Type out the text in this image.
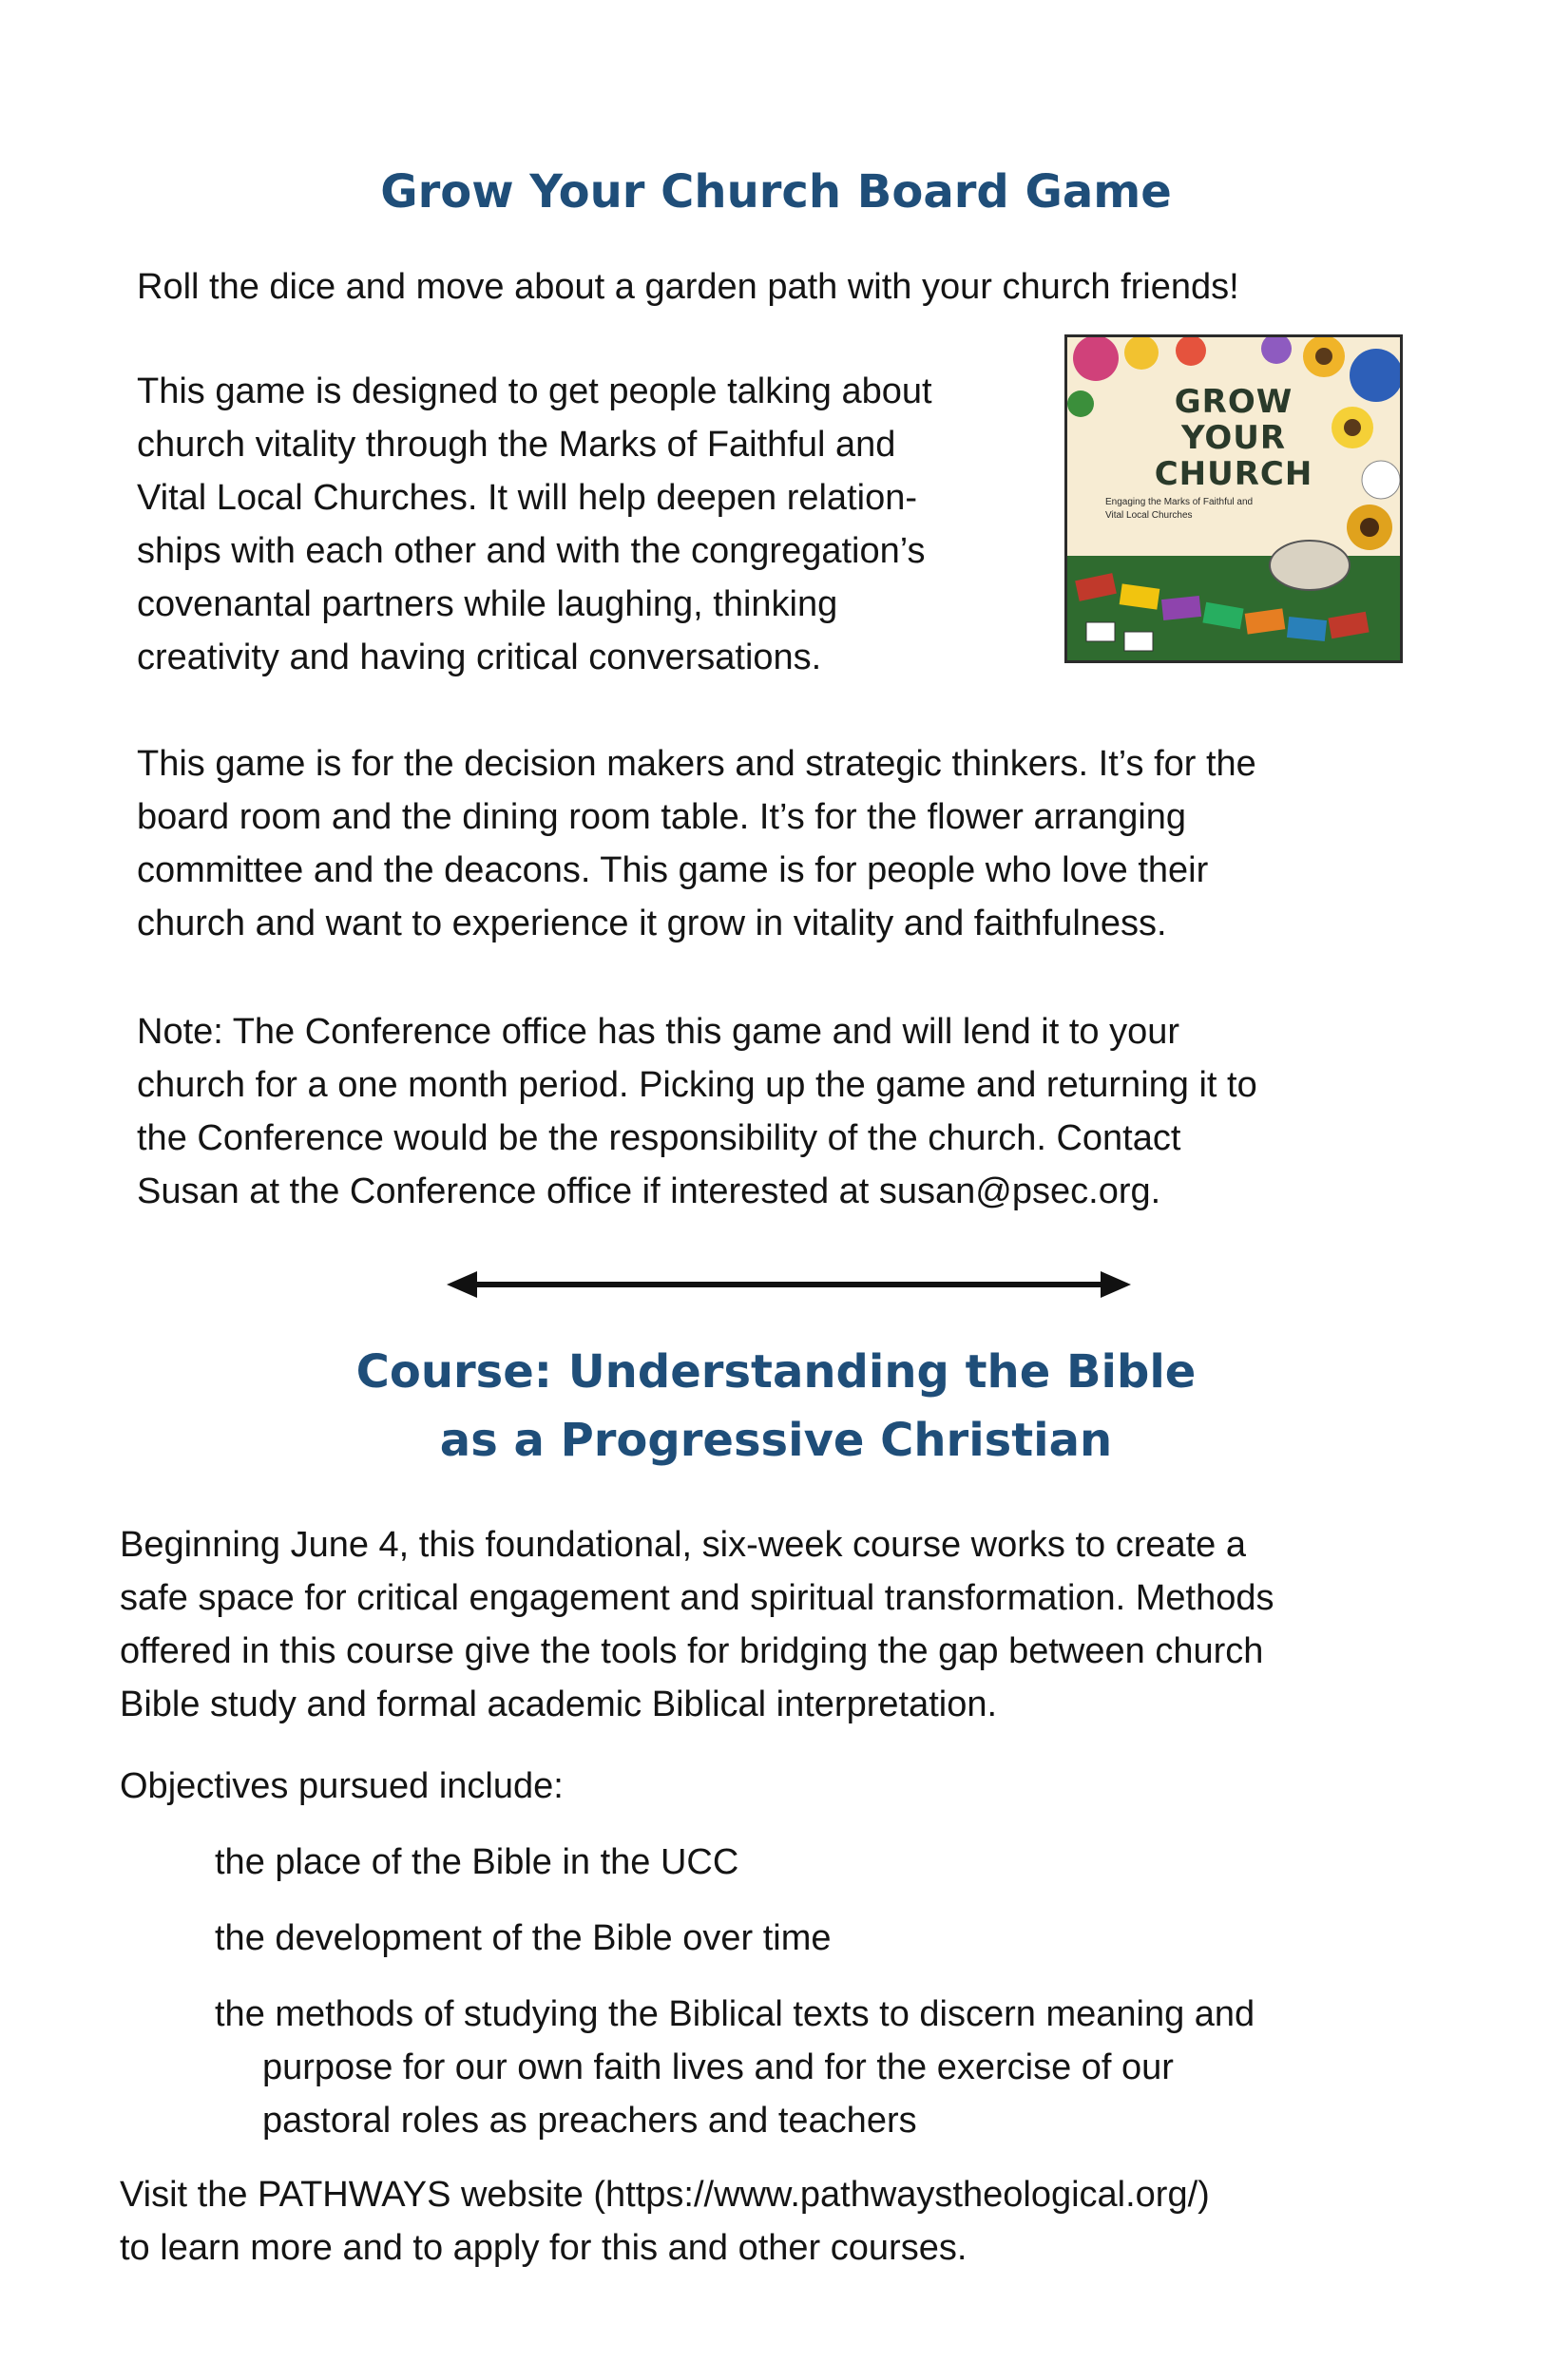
Grow Your Church Board Game
Roll the dice and move about a garden path with your church friends!
This game is designed to get people talking about
church vitality through the Marks of Faithful and
Vital Local Churches. It will help deepen relation-
ships with each other and with the congregation’s
covenantal partners while laughing, thinking
creativity and having critical conversations.
GROW
YOUR
CHURCH
Engaging the Marks of Faithful and
Vital Local Churches
This game is for the decision makers and strategic thinkers. It’s for the
board room and the dining room table. It’s for the flower arranging
committee and the deacons. This game is for people who love their
church and want to experience it grow in vitality and faithfulness.
Note: The Conference office has this game and will lend it to your
church for a one month period. Picking up the game and returning it to
the Conference would be the responsibility of the church. Contact
Susan at the Conference office if interested at susan@psec.org.
Course: Understanding the Bible
as a Progressive Christian
Beginning June 4, this foundational, six-week course works to create a
safe space for critical engagement and spiritual transformation. Methods
offered in this course give the tools for bridging the gap between church
Bible study and formal academic Biblical interpretation.
Objectives pursued include:
the place of the Bible in the UCC
the development of the Bible over time
the methods of studying the Biblical texts to discern meaning and
purpose for our own faith lives and for the exercise of our
pastoral roles as preachers and teachers
Visit the PATHWAYS website (https://www.pathwaystheological.org/)
to learn more and to apply for this and other courses.
